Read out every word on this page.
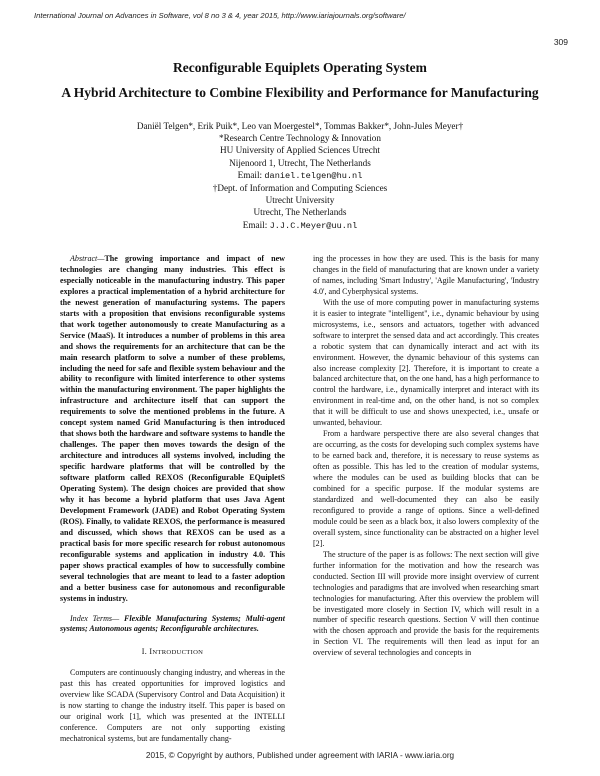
International Journal on Advances in Software, vol 8 no 3 & 4, year 2015, http://www.iariajournals.org/software/
309
Reconfigurable Equiplets Operating System
A Hybrid Architecture to Combine Flexibility and Performance for Manufacturing
Daniël Telgen*, Erik Puik*, Leo van Moergestel*, Tommas Bakker*, John-Jules Meyer†
*Research Centre Technology & Innovation
HU University of Applied Sciences Utrecht
Nijenoord 1, Utrecht, The Netherlands
Email: daniel.telgen@hu.nl
†Dept. of Information and Computing Sciences
Utrecht University
Utrecht, The Netherlands
Email: J.J.C.Meyer@uu.nl

Abstract—The growing importance and impact of new technologies are changing many industries. This effect is especially noticeable in the manufacturing industry. This paper explores a practical implementation of a hybrid architecture for the newest generation of manufacturing systems. The papers starts with a proposition that envisions reconfigurable systems that work together autonomously to create Manufacturing as a Service (MaaS). It introduces a number of problems in this area and shows the requirements for an architecture that can be the main research platform to solve a number of these problems, including the need for safe and flexible system behaviour and the ability to reconfigure with limited interference to other systems within the manufacturing environment. The paper highlights the infrastructure and architecture itself that can support the requirements to solve the mentioned problems in the future. A concept system named Grid Manufacturing is then introduced that shows both the hardware and software systems to handle the challenges. The paper then moves towards the design of the architecture and introduces all systems involved, including the specific hardware platforms that will be controlled by the software platform called REXOS (Reconfigurable EQuipletS Operating System). The design choices are provided that show why it has become a hybrid platform that uses Java Agent Development Framework (JADE) and Robot Operating System (ROS). Finally, to validate REXOS, the performance is measured and discussed, which shows that REXOS can be used as a practical basis for more specific research for robust autonomous reconfigurable systems and application in industry 4.0. This paper shows practical examples of how to successfully combine several technologies that are meant to lead to a faster adoption and a better business case for autonomous and reconfigurable systems in industry.

Index Terms— Flexible Manufacturing Systems; Multi-agent systems; Autonomous agents; Reconfigurable architectures.

I. INTRODUCTION

Computers are continuously changing industry, and whereas in the past this has created opportunities for improved logistics and overview like SCADA (Supervisory Control and Data Acquisition) it is now starting to change the industry itself. This paper is based on our original work [1], which was presented at the INTELLI conference. Computers are not only supporting existing mechatronical systems, but are fundamentally chang-

ing the processes in how they are used. This is the basis for many changes in the field of manufacturing that are known under a variety of names, including 'Smart Industry', 'Agile Manufacturing', 'Industry 4.0', and Cyberphysical systems.

With the use of more computing power in manufacturing systems it is easier to integrate "intelligent", i.e., dynamic behaviour by using microsystems, i.e., sensors and actuators, together with advanced software to interpret the sensed data and act accordingly. This creates a robotic system that can dynamically interact and act with its environment. However, the dynamic behaviour of this systems can also increase complexity [2]. Therefore, it is important to create a balanced architecture that, on the one hand, has a high performance to control the hardware, i.e., dynamically interpret and interact with its environment in real-time and, on the other hand, is not so complex that it will be difficult to use and shows unexpected, i.e., unsafe or unwanted, behaviour.

From a hardware perspective there are also several changes that are occurring, as the costs for developing such complex systems have to be earned back and, therefore, it is necessary to reuse systems as often as possible. This has led to the creation of modular systems, where the modules can be used as building blocks that can be combined for a specific purpose. If the modular systems are standardized and well-documented they can also be easily reconfigured to provide a range of options. Since a well-defined module could be seen as a black box, it also lowers complexity of the overall system, since functionality can be abstracted on a higher level [2].

The structure of the paper is as follows: The next section will give further information for the motivation and how the research was conducted. Section III will provide more insight overview of current technologies and paradigms that are involved when researching smart technologies for manufacturing. After this overview the problem will be investigated more closely in Section IV, which will result in a number of specific research questions. Section V will then continue with the chosen approach and provide the basis for the requirements in Section VI. The requirements will then lead as input for an overview of several technologies and concepts in

2015, © Copyright by authors, Published under agreement with IARIA - www.iaria.org
